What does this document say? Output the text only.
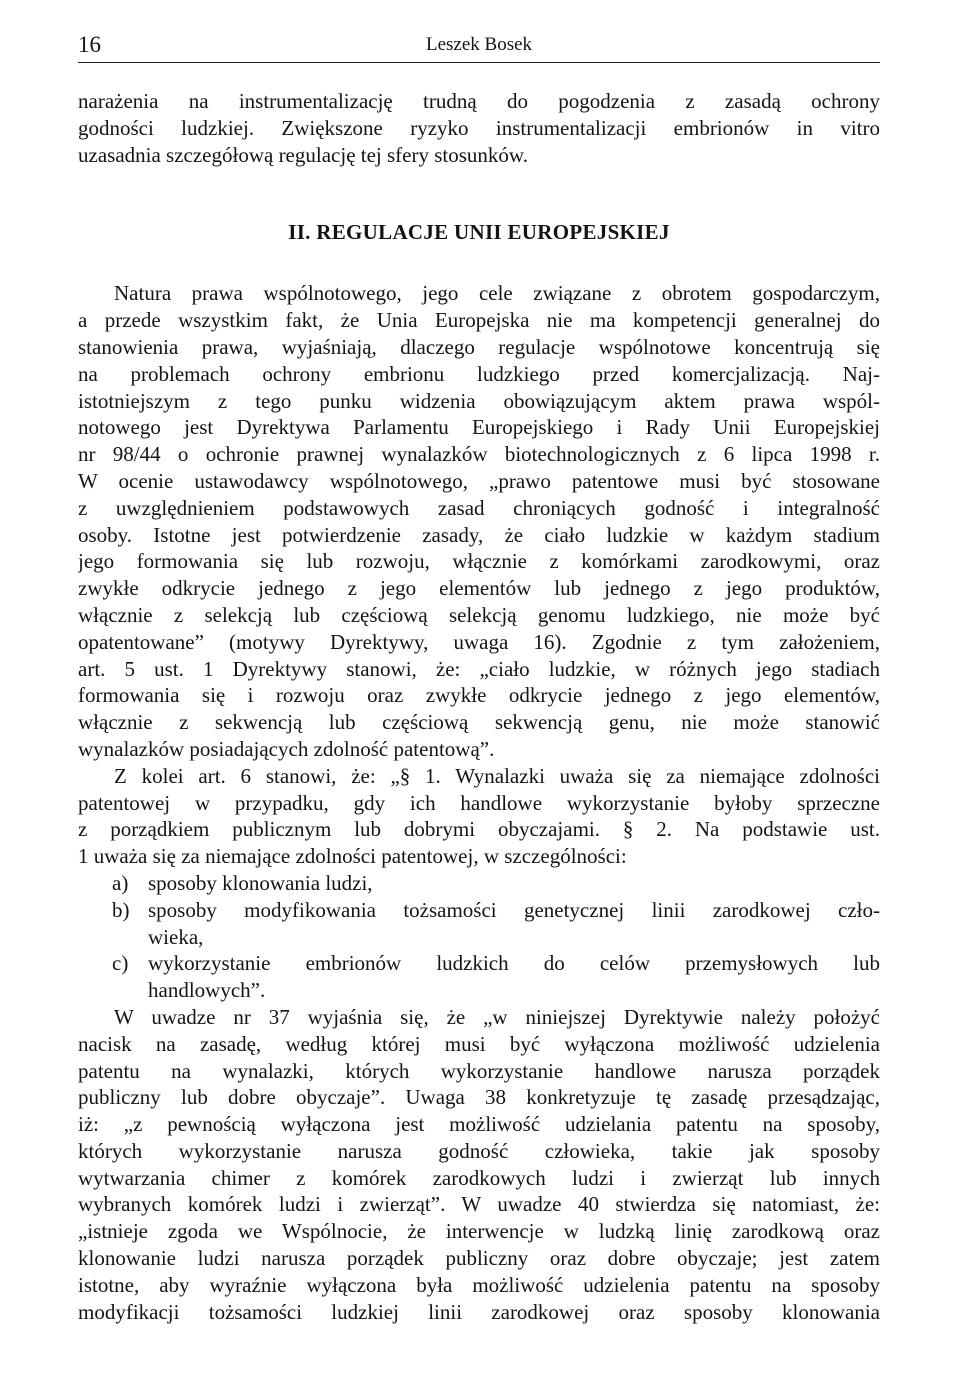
16	Leszek Bosek
narażenia na instrumentalizację trudną do pogodzenia z zasadą ochrony
godności ludzkiej. Zwiększone ryzyko instrumentalizacji embrionów in vitro
uzasadnia szczegółową regulację tej sfery stosunków.
II. REGULACJE UNII EUROPEJSKIEJ
Natura prawa wspólnotowego, jego cele związane z obrotem gospodarczym,
a przede wszystkim fakt, że Unia Europejska nie ma kompetencji generalnej do
stanowienia prawa, wyjaśniają, dlaczego regulacje wspólnotowe koncentrują się
na problemach ochrony embrionu ludzkiego przed komercjalizacją. Naj-
istotniejszym z tego punku widzenia obowiązującym aktem prawa wspól-
notowego jest Dyrektywa Parlamentu Europejskiego i Rady Unii Europejskiej
nr 98/44 o ochronie prawnej wynalazków biotechnologicznych z 6 lipca 1998 r.
W ocenie ustawodawcy wspólnotowego, „prawo patentowe musi być stosowane
z uwzględnieniem podstawowych zasad chroniących godność i integralność
osoby. Istotne jest potwierdzenie zasady, że ciało ludzkie w każdym stadium
jego formowania się lub rozwoju, włącznie z komórkami zarodkowymi, oraz
zwykłe odkrycie jednego z jego elementów lub jednego z jego produktów,
włącznie z selekcją lub częściową selekcją genomu ludzkiego, nie może być
opatentowane” (motywy Dyrektywy, uwaga 16). Zgodnie z tym założeniem,
art. 5 ust. 1 Dyrektywy stanowi, że: „ciało ludzkie, w różnych jego stadiach
formowania się i rozwoju oraz zwykłe odkrycie jednego z jego elementów,
włącznie z sekwencją lub częściową sekwencją genu, nie może stanowić
wynalazków posiadających zdolność patentową”.
Z kolei art. 6 stanowi, że: „§ 1. Wynalazki uważa się za niemające zdolności
patentowej w przypadku, gdy ich handlowe wykorzystanie byłoby sprzeczne
z porządkiem publicznym lub dobrymi obyczajami. § 2. Na podstawie ust.
1 uważa się za niemające zdolności patentowej, w szczególności:
a) sposoby klonowania ludzi,
b) sposoby modyfikowania tożsamości genetycznej linii zarodkowej czło-
wieka,
c) wykorzystanie embrionów ludzkich do celów przemysłowych lub
handlowych”.
W uwadze nr 37 wyjaśnia się, że „w niniejszej Dyrektywie należy położyć
nacisk na zasadę, według której musi być wyłączona możliwość udzielenia
patentu na wynalazki, których wykorzystanie handlowe narusza porządek
publiczny lub dobre obyczaje”. Uwaga 38 konkretyzuje tę zasadę przesądzając,
iż: „z pewnością wyłączona jest możliwość udzielania patentu na sposoby,
których wykorzystanie narusza godność człowieka, takie jak sposoby
wytwarzania chimer z komórek zarodkowych ludzi i zwierząt lub innych
wybranych komórek ludzi i zwierząt”. W uwadze 40 stwierdza się natomiast, że:
„istnieje zgoda we Wspólnocie, że interwencje w ludzką linię zarodkową oraz
klonowanie ludzi narusza porządek publiczny oraz dobre obyczaje; jest zatem
istotne, aby wyraźnie wyłączona była możliwość udzielenia patentu na sposoby
modyfikacji tożsamości ludzkiej linii zarodkowej oraz sposoby klonowania
